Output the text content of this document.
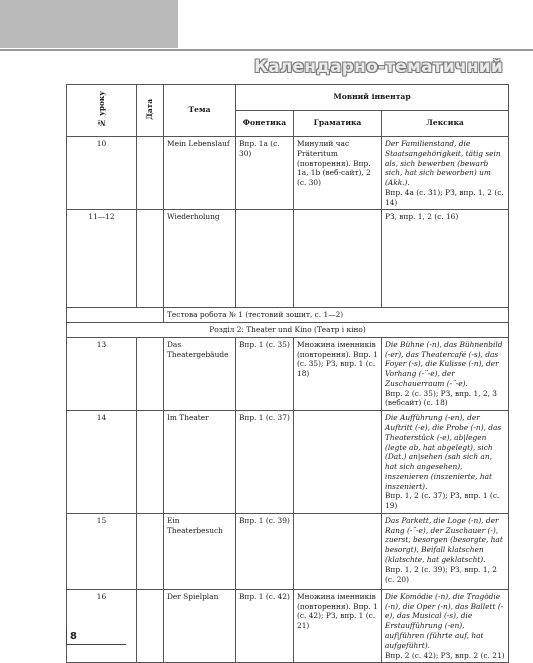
Календарно-тематичний
№ уроку	Дата	Тема	Мовний інвентар		
			Фонетика	Граматика	Лексика
10		Mein Lebenslauf	Впр. 1а (с. 30)	Минулий час Präteritum (повторення). Впр. 1а, 1b (веб-сайт), 2 (с. 30)	Der Familienstand, die Staatsangehörigkeit, tätig sein als, sich bewerben (bewarb sich, hat sich beworben) um (Akk.).
Впр. 4a (с. 31); РЗ, впр. 1, 2 (с. 14)
11—12		Wiederholung			РЗ, впр. 1, 2 (с. 16)
		Тестова робота № 1 (тестовий зошит, с. 1—2)			
Розділ 2: Theater und Kino (Театр і кіно)					
13		Das Theatergebäude	Впр. 1 (с. 35)	Множина іменників (повторення). Впр. 1 (с. 35); РЗ, впр. 1 (с. 18)	Die Bühne (-n), das Bühnenbild (-er), das Theatercafé (-s), das Foyer (-s), die Kulisse (-n), der Vorhang (-¨-e), der Zuschauerraum (-¨-e).
Впр. 2 (с. 35); РЗ, впр. 1, 2, 3 (вебсайт) (с. 18)
14		Im Theater	Впр. 1 (с. 37)		Die Aufführung (-en), der Auftritt (-e), die Probe (-n), das Theaterstück (-e), ab|legen (legte ab, hat abgelegt), sich (Dat.) an|sehen (sah sich an, hat sich angesehen), inszenieren (inszenierte, hat inszeniert).
Впр. 1, 2 (с. 37); РЗ, впр. 1 (с. 19)
15		Ein Theaterbesuch	Впр. 1 (с. 39)		Das Parkett, die Loge (-n), der Rang (-¨-e), der Zuschauer (-), zuerst, besorgen (besorgte, hat besorgt), Beifall klatschen (klatschte, hat geklatscht).
Впр. 1, 2 (с. 39); РЗ, впр. 1, 2 (с. 20)
16		Der Spielplan	Впр. 1 (с. 42)	Множина іменників (повторення). Впр. 1 (с. 42); РЗ, впр. 1 (с. 21)	Die Komödie (-n), die Tragödie (-n), die Oper (-n), das Ballett (-e), das Musical (-s), die Erstaufführung (-en), auf|führen (führte auf, hat aufgeführt).
Впр. 2 (с. 42); РЗ, впр. 2 (с. 21)
8
